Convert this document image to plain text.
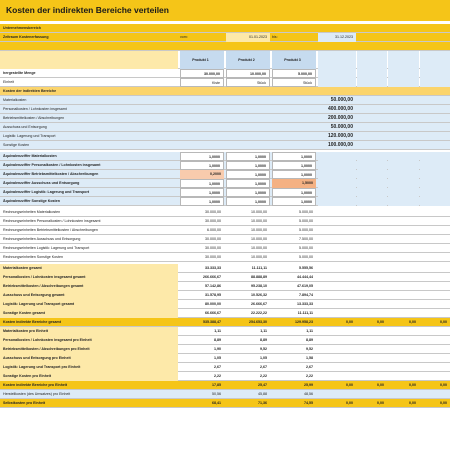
Kosten der indirekten Bereiche verteilen
Unternehmensbereich
Zeitraum Kostenerfassung	vom:	01.01.2023	bis:	31.12.2023
Produkt 1	Produkt 2	Produkt 3
hergestellte Menge	30.000,00	10.000,00	5.000,00
Einheit	Kiste	Stück	Stück
Kosten der indirekten Bereiche
Materialkosten	50.000,00
Personalkosten / Lohnkosten insgesamt	400.000,00
Betriebsmittelkosten / Abschreibungen	200.000,00
Ausschuss und Entsorgung	50.000,00
Logistik: Lagerung und Transport	120.000,00
Sonstige Kosten	100.000,00
Äquivalenzziffer Materialkosten	1,0000	1,0000	1,0000
Äquivalenzziffer Personalkosten / Lohnkosten insgesamt	1,0000	1,0000	1,0000
Äquivalenzziffer Betriebsmittelkosten / Abschreibungen	0,2000	1,0000	1,0000
Äquivalenzziffer Ausschuss und Entsorgung	1,0000	1,0000	1,5000
Äquivalenzziffer Logistik: Lagerung und Transport	1,0000	1,0000	1,0000
Äquivalenzziffer Sonstige Kosten	1,0000	1,0000	1,0000
Rechnungseinheiten Materialkosten	30.000,00	10.000,00	5.000,00
Rechnungseinheiten Personalkosten / Lohnkosten insgesamt	30.000,00	10.000,00	5.000,00
Rechnungseinheiten Betriebsmittelkosten / Abschreibungen	6.000,00	10.000,00	5.000,00
Rechnungseinheiten Ausschuss und Entsorgung	30.000,00	10.000,00	7.500,00
Rechnungseinheiten Logistik: Lagerung und Transport	30.000,00	10.000,00	5.000,00
Rechnungseinheiten Sonstige Kosten	30.000,00	10.000,00	5.000,00
Materialkosten gesamt	33.333,33	11.111,11	5.555,56
Personalkosten / Lohnkosten insgesamt gesamt	266.666,67	88.888,89	44.444,44
Betriebsmittelkosten / Abschreibungen gesamt	57.142,86	95.238,10	47.619,05
Ausschuss und Entsorgung gesamt	31.578,95	10.526,32	7.894,74
Logistik: Lagerung und Transport gesamt	80.000,00	26.666,67	13.333,33
Sonstige Kosten gesamt	66.666,67	22.222,22	11.111,11
Kosten indirekte Bereiche gesamt	535.388,47	254.653,30	129.958,23	0,00	0,00	0,00	0,00
Materialkosten pro Einheit	1,11	1,11	1,11
Personalkosten / Lohnkosten insgesamt pro Einheit	8,89	8,89	8,89
Betriebsmittelkosten / Abschreibungen pro Einheit	1,90	9,52	9,52
Ausschuss und Entsorgung pro Einheit	1,05	1,05	1,58
Logistik: Lagerung und Transport pro Einheit	2,67	2,67	2,67
Sonstige Kosten pro Einheit	2,22	2,22	2,22
Kosten indirekte Bereiche pro Einheit	17,85	25,47	25,99	0,00	0,00	0,00	0,00
Herstellkosten (des Umsatzes) pro Einheit	50,56	45,88	48,56
Selbstkosten pro Einheit	68,41	71,36	74,55	0,00	0,00	0,00	0,00
